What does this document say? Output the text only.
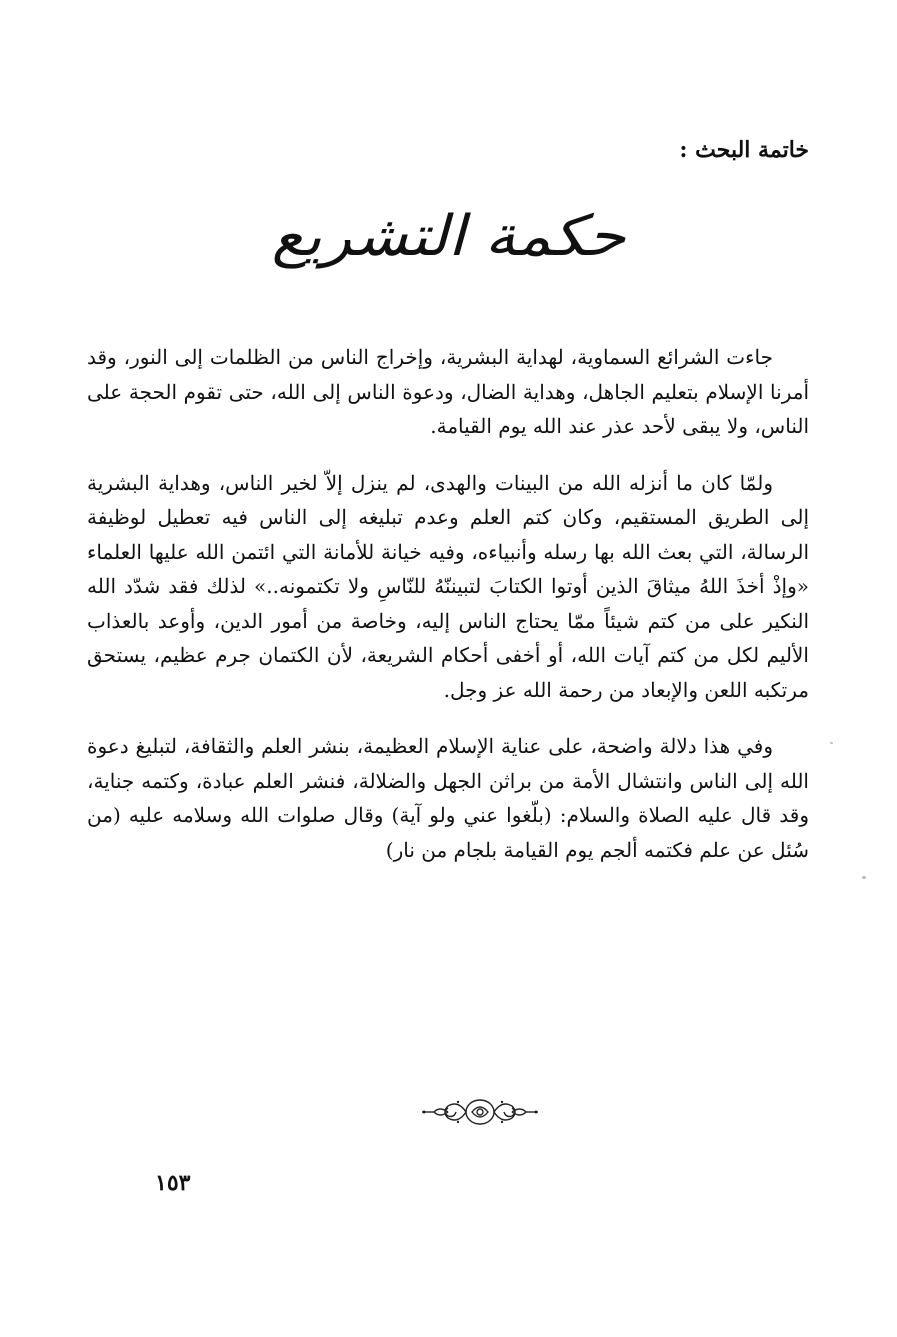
خاتمة البحث :
حكمة التشريع

جاءت الشرائع السماوية، لهداية البشرية، وإخراج الناس من الظلمات إلى النور، وقد أمرنا الإسلام بتعليم الجاهل، وهداية الضال، ودعوة الناس إلى الله، حتى تقوم الحجة على الناس، ولا يبقى لأحد عذر عند الله يوم القيامة.

ولمّا كان ما أنزله الله من البينات والهدى، لم ينزل إلاّ لخير الناس، وهداية البشرية إلى الطريق المستقيم، وكان كتم العلم وعدم تبليغه إلى الناس فيه تعطيل لوظيفة الرسالة، التي بعث الله بها رسله وأنبياءه، وفيه خيانة للأمانة التي ائتمن الله عليها العلماء «وإذْ أخذَ اللهُ ميثاقَ الذين أوتوا الكتابَ لتبيننّهُ للنّاسِ ولا تكتمونه..» لذلك فقد شدّد الله النكير على من كتم شيئاً ممّا يحتاج الناس إليه، وخاصة من أمور الدين، وأوعد بالعذاب الأليم لكل من كتم آيات الله، أو أخفى أحكام الشريعة، لأن الكتمان جرم عظيم، يستحق مرتكبه اللعن والإبعاد من رحمة الله عز وجل.

وفي هذا دلالة واضحة، على عناية الإسلام العظيمة، بنشر العلم والثقافة، لتبليغ دعوة الله إلى الناس وانتشال الأمة من براثن الجهل والضلالة، فنشر العلم عبادة، وكتمه جناية، وقد قال عليه الصلاة والسلام: (بلّغوا عني ولو آية) وقال صلوات الله وسلامه عليه (من سُئل عن علم فكتمه ألجم يوم القيامة بلجام من نار)

١٥٣
